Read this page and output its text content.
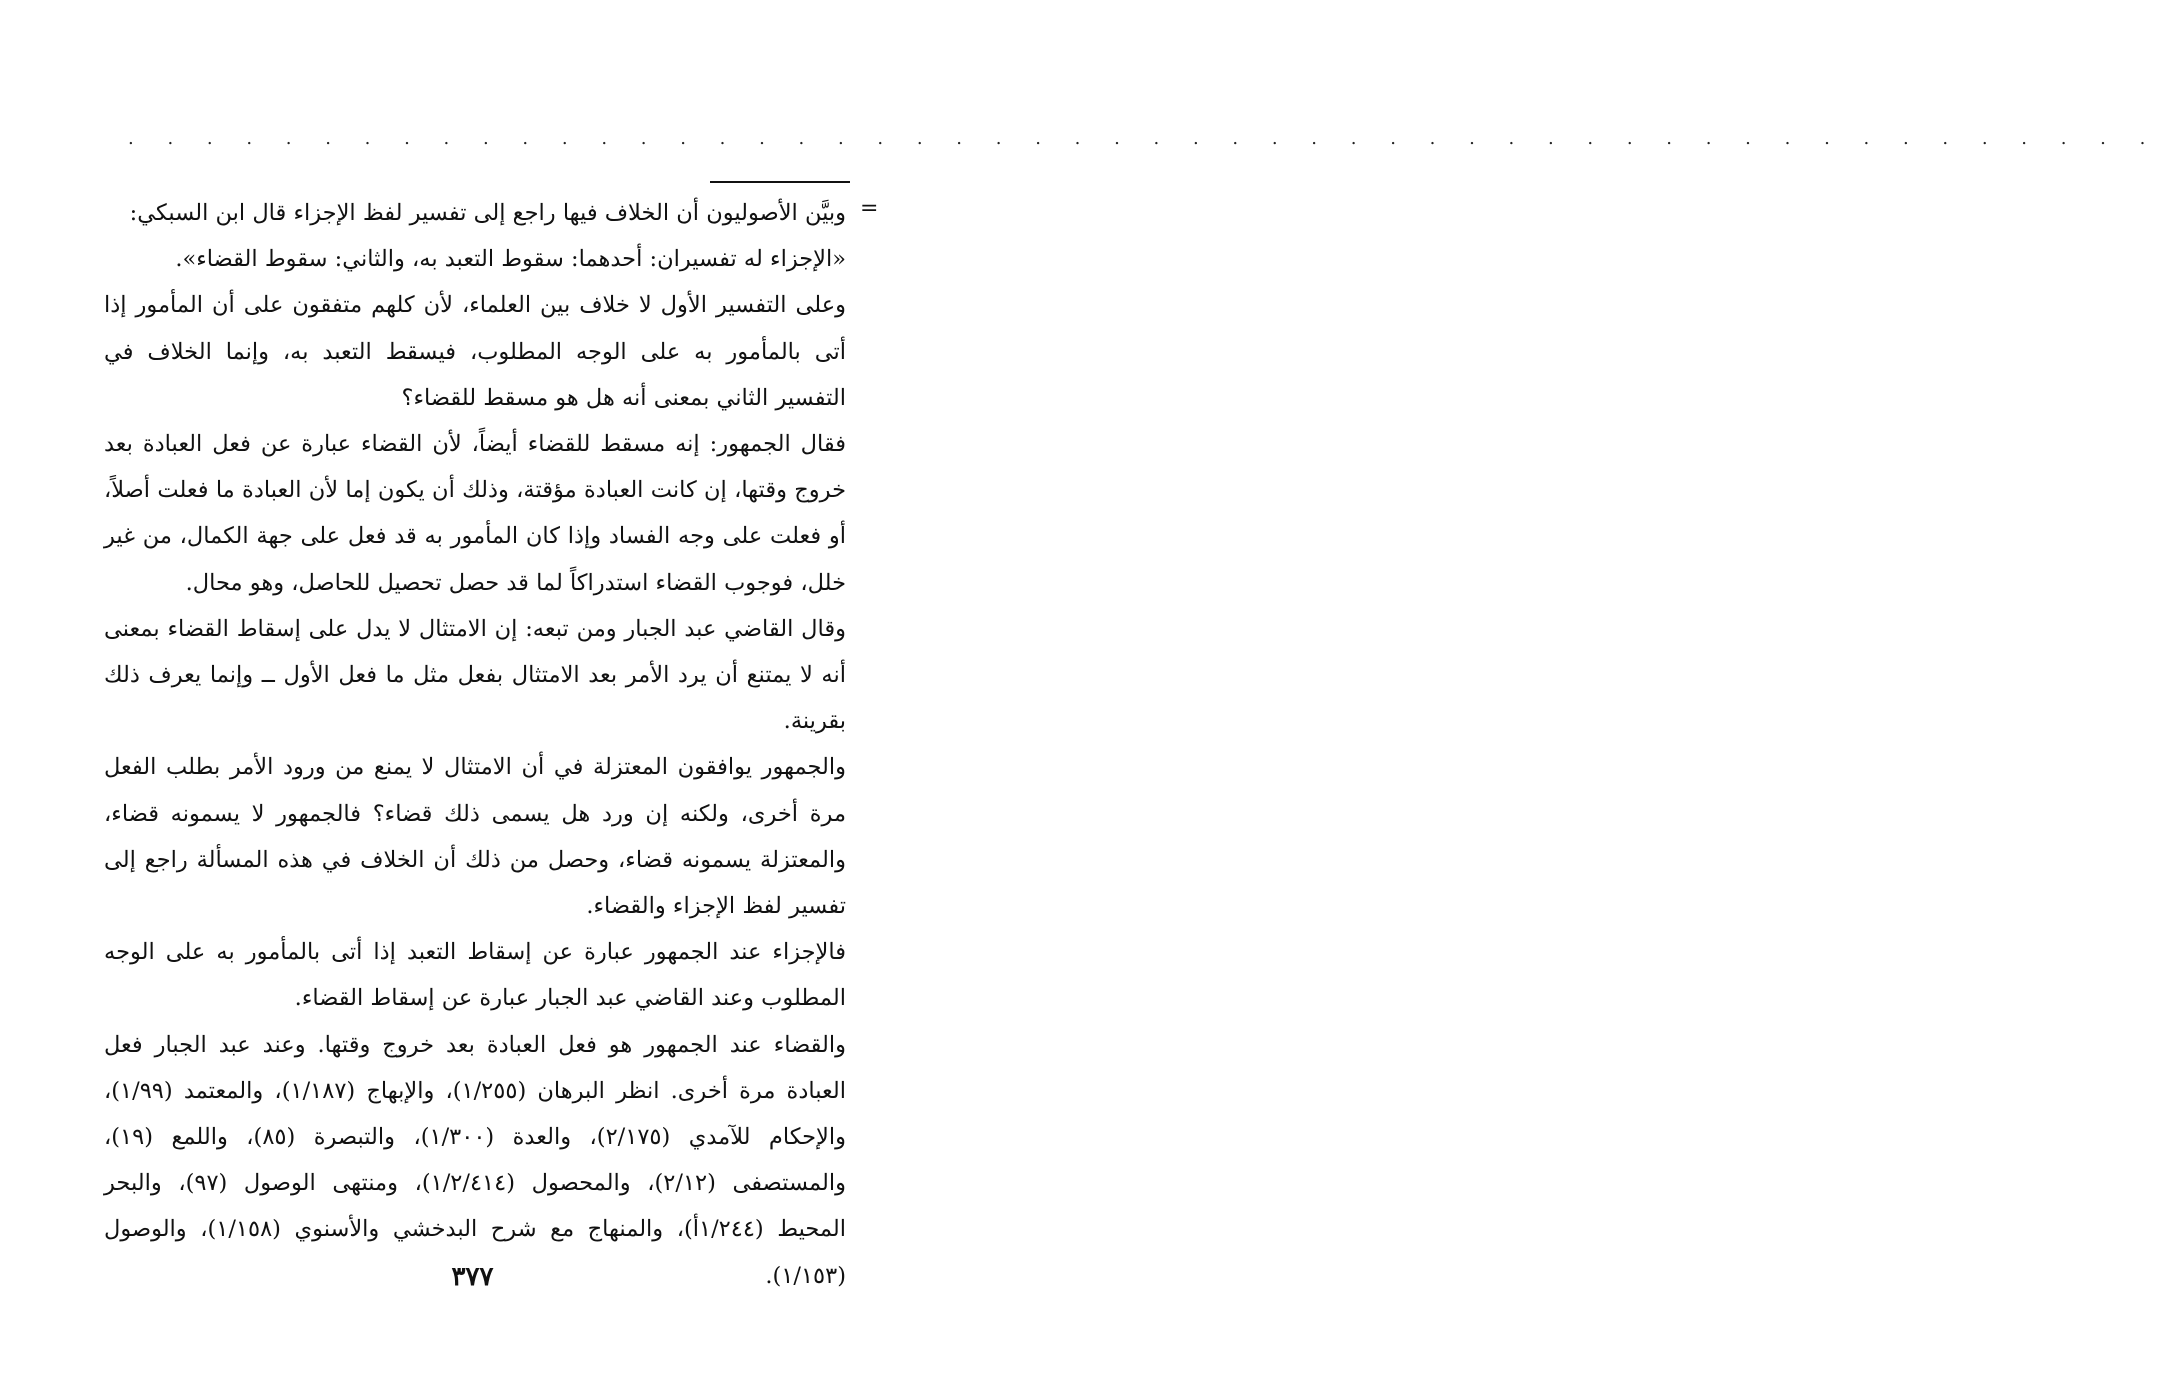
. . . . . . . . . . . . . . . . . . . . . . . . . . . . . . . . . . . . . . . . . . . . . . . . . . . .
=

وبيَّن الأصوليون أن الخلاف فيها راجع إلى تفسير لفظ الإجزاء قال ابن السبكي:

«الإجزاء له تفسيران: أحدهما: سقوط التعبد به، والثاني: سقوط القضاء».

وعلى التفسير الأول لا خلاف بين العلماء، لأن كلهم متفقون على أن المأمور إذا أتى بالمأمور به على الوجه المطلوب، فيسقط التعبد به، وإنما الخلاف في التفسير الثاني بمعنى أنه هل هو مسقط للقضاء؟

فقال الجمهور: إنه مسقط للقضاء أيضاً، لأن القضاء عبارة عن فعل العبادة بعد خروج وقتها، إن كانت العبادة مؤقتة، وذلك أن يكون إما لأن العبادة ما فعلت أصلاً، أو فعلت على وجه الفساد وإذا كان المأمور به قد فعل على جهة الكمال، من غير خلل، فوجوب القضاء استدراكاً لما قد حصل تحصيل للحاصل، وهو محال.

وقال القاضي عبد الجبار ومن تبعه: إن الامتثال لا يدل على إسقاط القضاء بمعنى أنه لا يمتنع أن يرد الأمر بعد الامتثال بفعل مثل ما فعل الأول ــ وإنما يعرف ذلك بقرينة.

والجمهور يوافقون المعتزلة في أن الامتثال لا يمنع من ورود الأمر بطلب الفعل مرة أخرى، ولكنه إن ورد هل يسمى ذلك قضاء؟ فالجمهور لا يسمونه قضاء، والمعتزلة يسمونه قضاء، وحصل من ذلك أن الخلاف في هذه المسألة راجع إلى تفسير لفظ الإجزاء والقضاء.

فالإجزاء عند الجمهور عبارة عن إسقاط التعبد إذا أتى بالمأمور به على الوجه المطلوب وعند القاضي عبد الجبار عبارة عن إسقاط القضاء.

والقضاء عند الجمهور هو فعل العبادة بعد خروج وقتها. وعند عبد الجبار فعل العبادة مرة أخرى. انظر البرهان (١/٢٥٥)، والإبهاج (١/١٨٧)، والمعتمد (١/٩٩)، والإحكام للآمدي (٢/١٧٥)، والعدة (١/٣٠٠)، والتبصرة (٨٥)، واللمع (١٩)، والمستصفى (٢/١٢)، والمحصول (١/٢/٤١٤)، ومنتهى الوصول (٩٧)، والبحر المحيط (١/٢٤٤أ)، والمنهاج مع شرح البدخشي والأسنوي (١/١٥٨)، والوصول (١/١٥٣).

٣٧٧
